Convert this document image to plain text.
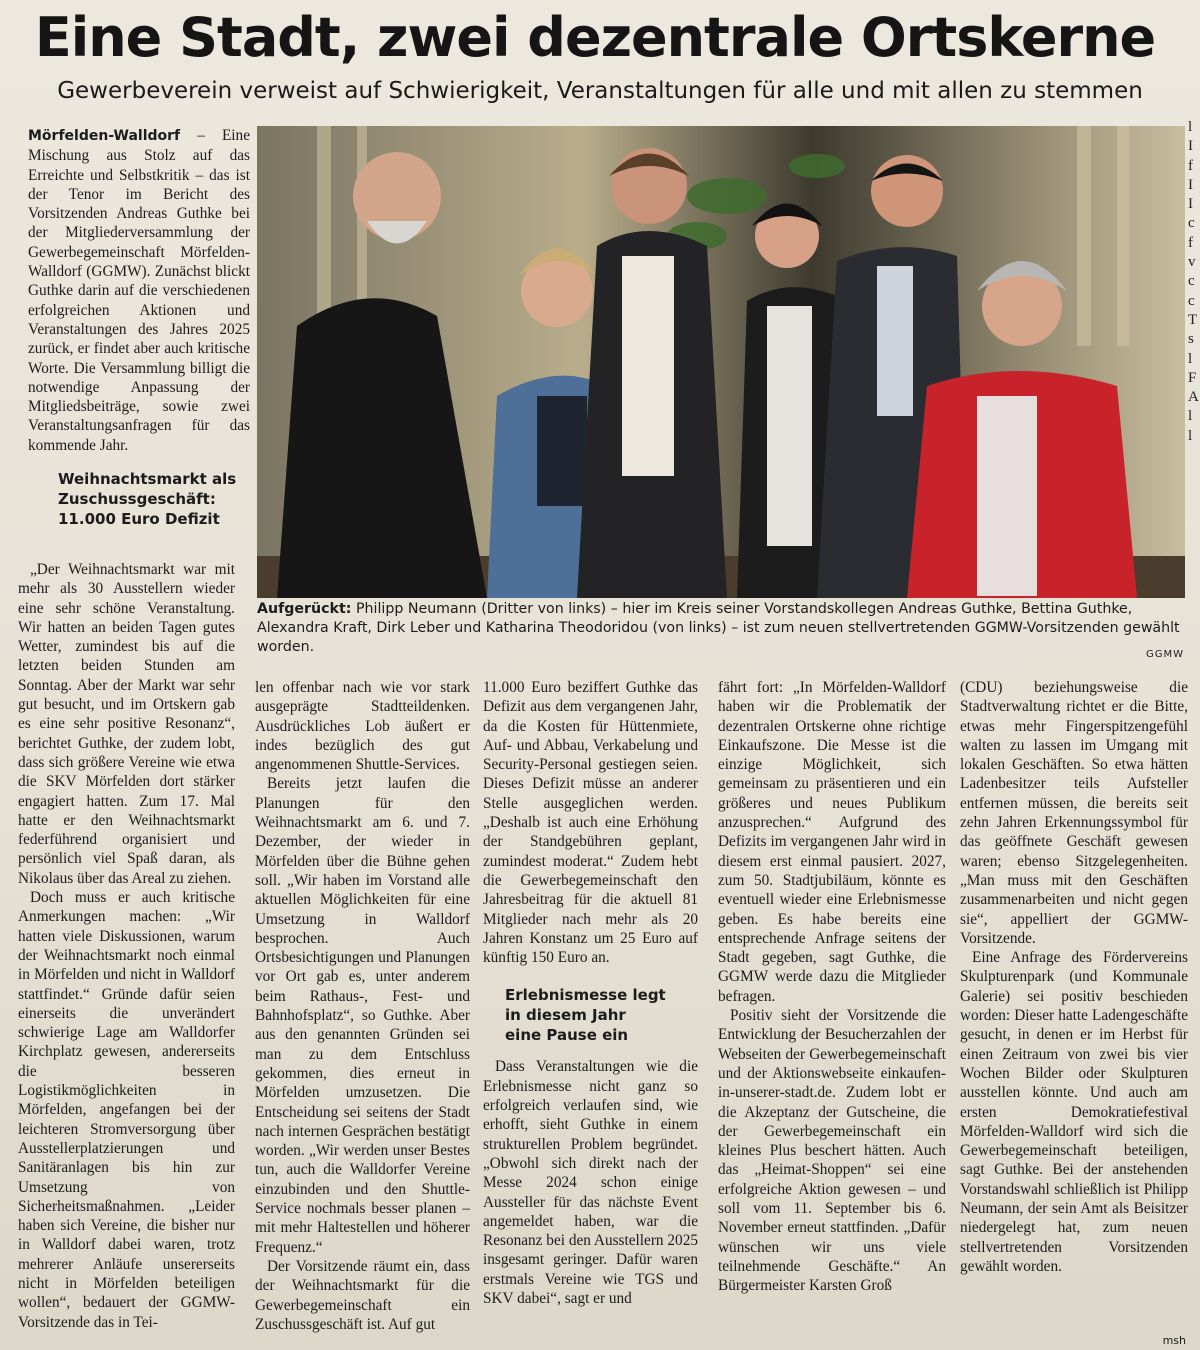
Eine Stadt, zwei dezentrale Ortskerne
Gewerbeverein verweist auf Schwierigkeit, Veranstaltungen für alle und mit allen zu stemmen

Mörfelden-Walldorf – Eine Mischung aus Stolz auf das Erreichte und Selbstkritik – das ist der Tenor im Bericht des Vorsitzenden Andreas Guthke bei der Mitgliederversammlung der Gewerbegemeinschaft Mörfelden-Walldorf (GGMW). Zunächst blickt Guthke darin auf die verschiedenen erfolgreichen Aktionen und Veranstaltungen des Jahres 2025 zurück, er findet aber auch kritische Worte. Die Versammlung billigt die notwendige Anpassung der Mitgliedsbeiträge, sowie zwei Veranstaltungsanfragen für das kommende Jahr.

Weihnachtsmarkt als
Zuschussgeschäft:
11.000 Euro Defizit
Aufgerückt: Philipp Neumann (Dritter von links) – hier im Kreis seiner Vorstandskollegen Andreas Guthke, Bettina Guthke, Alexandra Kraft, Dirk Leber und Katharina Theodoridou (von links) – ist zum neuen stellvertretenden GGMW-Vorsitzenden gewählt worden.	GGMW

„Der Weihnachtsmarkt war mit mehr als 30 Ausstellern wieder eine sehr schöne Veranstaltung. Wir hatten an beiden Tagen gutes Wetter, zumindest bis auf die letzten beiden Stunden am Sonntag. Aber der Markt war sehr gut besucht, und im Ortskern gab es eine sehr positive Resonanz“, berichtet Guthke, der zudem lobt, dass sich größere Vereine wie etwa die SKV Mörfelden dort stärker engagiert hatten. Zum 17. Mal hatte er den Weihnachtsmarkt federführend organisiert und persönlich viel Spaß daran, als Nikolaus über das Areal zu ziehen.

Doch muss er auch kritische Anmerkungen machen: „Wir hatten viele Diskussionen, warum der Weihnachtsmarkt noch einmal in Mörfelden und nicht in Walldorf stattfindet.“ Gründe dafür seien einerseits die unverändert schwierige Lage am Walldorfer Kirchplatz gewesen, andererseits die besseren Logistikmöglichkeiten in Mörfelden, angefangen bei der leichteren Stromversorgung über Ausstellerplatzierungen und Sanitäranlagen bis hin zur Umsetzung von Sicherheitsmaßnahmen. „Leider haben sich Vereine, die bisher nur in Walldorf dabei waren, trotz mehrerer Anläufe unsererseits nicht in Mörfelden beteiligen wollen“, bedauert der GGMW-Vorsitzende das in Tei-

len offenbar nach wie vor stark ausgeprägte Stadtteildenken. Ausdrückliches Lob äußert er indes bezüglich des gut angenommenen Shuttle-Services.

Bereits jetzt laufen die Planungen für den Weihnachtsmarkt am 6. und 7. Dezember, der wieder in Mörfelden über die Bühne gehen soll. „Wir haben im Vorstand alle aktuellen Möglichkeiten für eine Umsetzung in Walldorf besprochen. Auch Ortsbesichtigungen und Planungen vor Ort gab es, unter anderem beim Rathaus-, Fest- und Bahnhofsplatz“, so Guthke. Aber aus den genannten Gründen sei man zu dem Entschluss gekommen, dies erneut in Mörfelden umzusetzen. Die Entscheidung sei seitens der Stadt nach internen Gesprächen bestätigt worden. „Wir werden unser Bestes tun, auch die Walldorfer Vereine einzubinden und den Shuttle-Service nochmals besser planen – mit mehr Haltestellen und höherer Frequenz.“

Der Vorsitzende räumt ein, dass der Weihnachtsmarkt für die Gewerbegemeinschaft ein Zuschussgeschäft ist. Auf gut

11.000 Euro beziffert Guthke das Defizit aus dem vergangenen Jahr, da die Kosten für Hüttenmiete, Auf- und Abbau, Verkabelung und Security-Personal gestiegen seien. Dieses Defizit müsse an anderer Stelle ausgeglichen werden. „Deshalb ist auch eine Erhöhung der Standgebühren geplant, zumindest moderat.“ Zudem hebt die Gewerbegemeinschaft den Jahresbeitrag für die aktuell 81 Mitglieder nach mehr als 20 Jahren Konstanz um 25 Euro auf künftig 150 Euro an.

Erlebnismesse legt
in diesem Jahr
eine Pause ein

Dass Veranstaltungen wie die Erlebnismesse nicht ganz so erfolgreich verlaufen sind, wie erhofft, sieht Guthke in einem strukturellen Problem begründet. „Obwohl sich direkt nach der Messe 2024 schon einige Aussteller für das nächste Event angemeldet haben, war die Resonanz bei den Ausstellern 2025 insgesamt geringer. Dafür waren erstmals Vereine wie TGS und SKV dabei“, sagt er und

fährt fort: „In Mörfelden-Walldorf haben wir die Problematik der dezentralen Ortskerne ohne richtige Einkaufszone. Die Messe ist die einzige Möglichkeit, sich gemeinsam zu präsentieren und ein größeres und neues Publikum anzusprechen.“ Aufgrund des Defizits im vergangenen Jahr wird in diesem erst einmal pausiert. 2027, zum 50. Stadtjubiläum, könnte es eventuell wieder eine Erlebnismesse geben. Es habe bereits eine entsprechende Anfrage seitens der Stadt gegeben, sagt Guthke, die GGMW werde dazu die Mitglieder befragen.

Positiv sieht der Vorsitzende die Entwicklung der Besucherzahlen der Webseiten der Gewerbegemeinschaft und der Aktionswebseite einkaufen-in-unserer-stadt.de. Zudem lobt er die Akzeptanz der Gutscheine, die der Gewerbegemeinschaft ein kleines Plus beschert hätten. Auch das „Heimat-Shoppen“ sei eine erfolgreiche Aktion gewesen – und soll vom 11. September bis 6. November erneut stattfinden. „Dafür wünschen wir uns viele teilnehmende Geschäfte.“ An Bürgermeister Karsten Groß

(CDU) beziehungsweise die Stadtverwaltung richtet er die Bitte, etwas mehr Fingerspitzengefühl walten zu lassen im Umgang mit lokalen Geschäften. So etwa hätten Ladenbesitzer teils Aufsteller entfernen müssen, die bereits seit zehn Jahren Erkennungssymbol für das geöffnete Geschäft gewesen waren; ebenso Sitzgelegenheiten. „Man muss mit den Geschäften zusammenarbeiten und nicht gegen sie“, appelliert der GGMW-Vorsitzende.

Eine Anfrage des Fördervereins Skulpturenpark (und Kommunale Galerie) sei positiv beschieden worden: Dieser hatte Ladengeschäfte gesucht, in denen er im Herbst für einen Zeitraum von zwei bis vier Wochen Bilder oder Skulpturen ausstellen könnte. Und auch am ersten Demokratiefestival Mörfelden-Walldorf wird sich die Gewerbegemeinschaft beteiligen, sagt Guthke. Bei der anstehenden Vorstandswahl schließlich ist Philipp Neumann, der sein Amt als Beisitzer niedergelegt hat, zum neuen stellvertretenden Vorsitzenden gewählt worden.

l I f I I c f v c c T s l F A l l
msh
